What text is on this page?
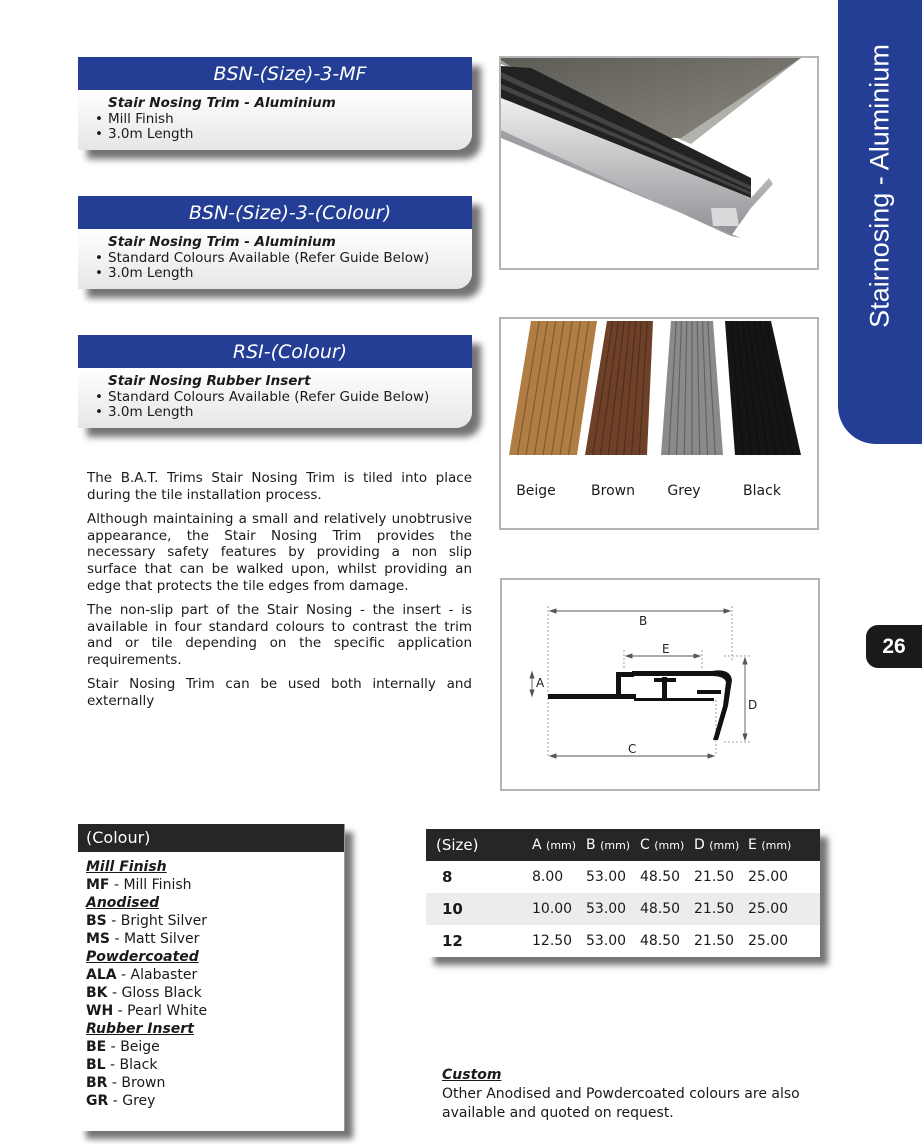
Stairnosing - Aluminium
26
BSN-(Size)-3-MF
Stair Nosing Trim - Aluminium
• Mill Finish
• 3.0m Length
BSN-(Size)-3-(Colour)
Stair Nosing Trim - Aluminium
• Standard Colours Available (Refer Guide Below)
• 3.0m Length
RSI-(Colour)
Stair Nosing Rubber Insert
• Standard Colours Available (Refer Guide Below)
• 3.0m Length

The B.A.T. Trims Stair Nosing Trim is tiled into place during the tile installation process.

Although maintaining a small and relatively unobtrusive appearance, the Stair Nosing Trim provides the necessary safety features by providing a non slip surface that can be walked upon, whilst providing an edge that protects the tile edges from damage.

The non-slip part of the Stair Nosing - the insert - is available in four standard colours to contrast the trim and or tile depending on the specific application requirements.

Stair Nosing Trim can be used both internally and externally

Beige	Brown	Grey	Black
B
E
A
D
C
(Colour)
Mill Finish
MF - Mill Finish
Anodised
BS - Bright Silver
MS - Matt Silver
Powdercoated
ALA - Alabaster
BK - Gloss Black
WH - Pearl White
Rubber Insert
BE - Beige
BL - Black
BR - Brown
GR - Grey
(Size)	A (mm) B (mm) C (mm) D (mm) E (mm)
8	8.00	53.00 48.50 21.50 25.00
10	10.00 53.00 48.50 21.50 25.00
12	12.50 53.00 48.50 21.50 25.00
Custom
Other Anodised and Powdercoated colours are also available and quoted on request.
